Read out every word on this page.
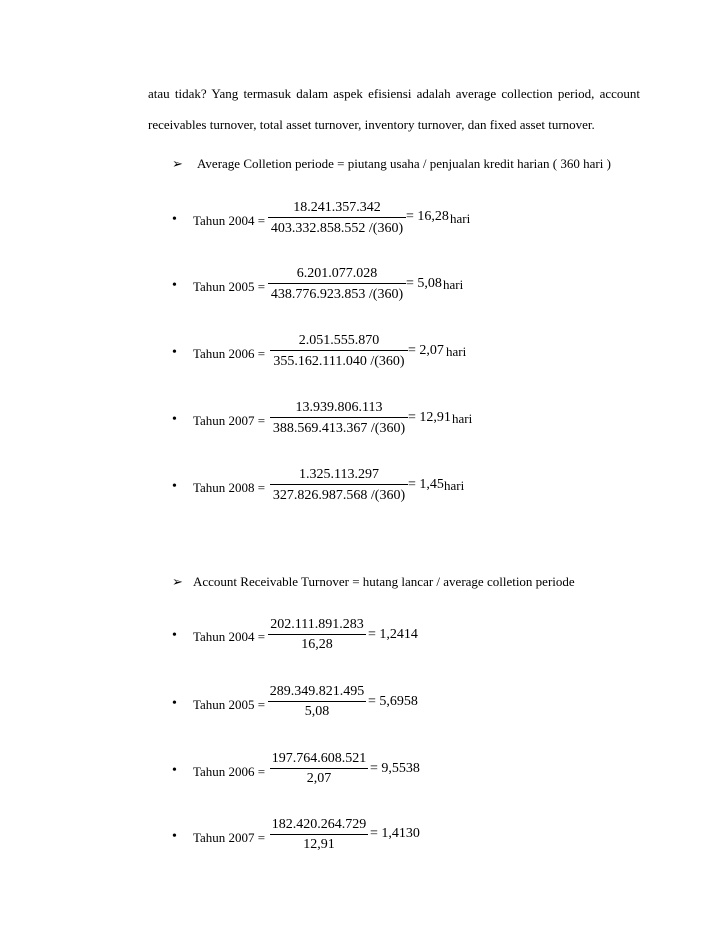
atau tidak? Yang termasuk dalam aspek efisiensi adalah average collection period, account
receivables turnover, total asset turnover, inventory turnover, dan fixed asset turnover.
➢ Average Colletion periode = piutang usaha / penjualan kredit harian ( 360 hari )
• Tahun 2004 =
18.241.357.342
403.332.858.552 /(360)
= 16,28 hari
• Tahun 2005 =
6.201.077.028
438.776.923.853 /(360)
= 5,08 hari
• Tahun 2006 =
2.051.555.870
355.162.111.040 /(360)
= 2,07 hari
• Tahun 2007 =
13.939.806.113
388.569.413.367 /(360)
= 12,91 hari
• Tahun 2008 =
1.325.113.297
327.826.987.568 /(360)
= 1,45 hari
➢ Account Receivable Turnover = hutang lancar / average colletion periode
• Tahun 2004 =
202.111.891.283
16,28
= 1,2414
• Tahun 2005 =
289.349.821.495
5,08
= 5,6958
• Tahun 2006 =
197.764.608.521
2,07
= 9,5538
• Tahun 2007 =
182.420.264.729
12,91
= 1,4130
